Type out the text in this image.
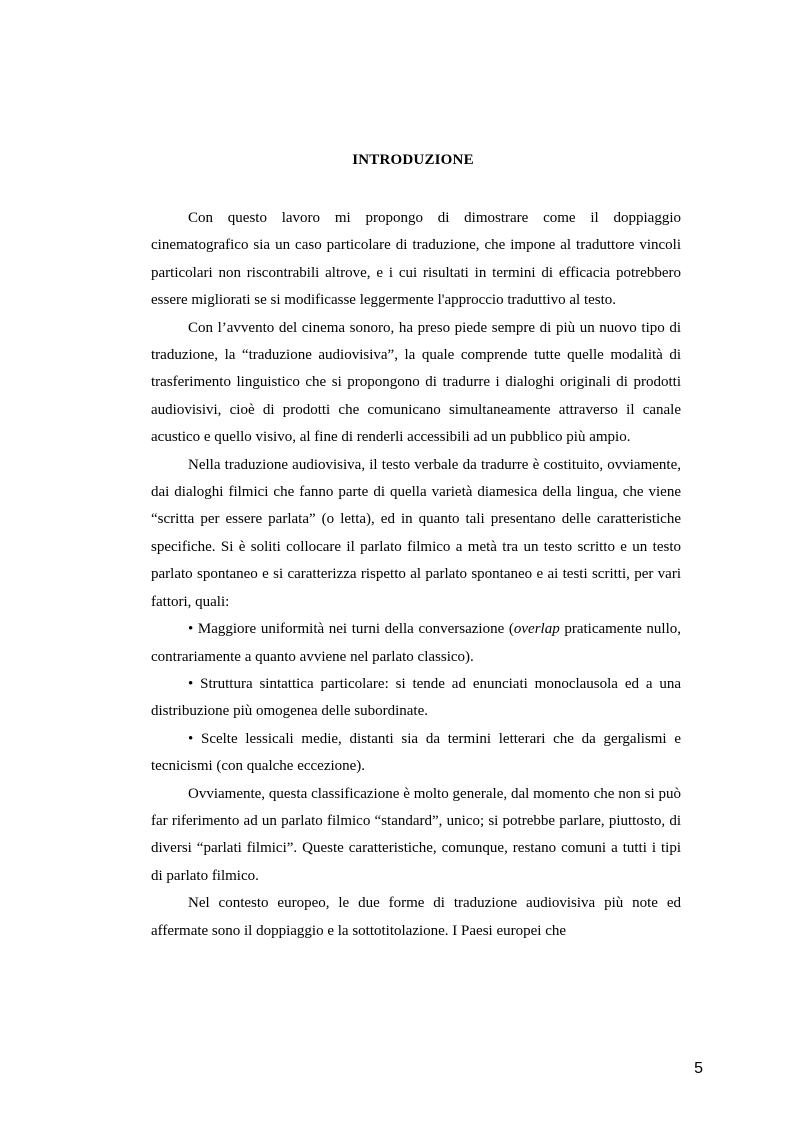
INTRODUZIONE

Con questo lavoro mi propongo di dimostrare come il doppiaggio cinematografico sia un caso particolare di traduzione, che impone al traduttore vincoli particolari non riscontrabili altrove, e i cui risultati in termini di efficacia potrebbero essere migliorati se si modificasse leggermente l'approccio traduttivo al testo.

Con l’avvento del cinema sonoro, ha preso piede sempre di più un nuovo tipo di traduzione, la “traduzione audiovisiva”, la quale comprende tutte quelle modalità di trasferimento linguistico che si propongono di tradurre i dialoghi originali di prodotti audiovisivi, cioè di prodotti che comunicano simultaneamente attraverso il canale acustico e quello visivo, al fine di renderli accessibili ad un pubblico più ampio.

Nella traduzione audiovisiva, il testo verbale da tradurre è costituito, ovviamente, dai dialoghi filmici che fanno parte di quella varietà diamesica della lingua, che viene “scritta per essere parlata” (o letta), ed in quanto tali presentano delle caratteristiche specifiche. Si è soliti collocare il parlato filmico a metà tra un testo scritto e un testo parlato spontaneo e si caratterizza rispetto al parlato spontaneo e ai testi scritti, per vari fattori, quali:

• Maggiore uniformità nei turni della conversazione (overlap praticamente nullo, contrariamente a quanto avviene nel parlato classico).

• Struttura sintattica particolare: si tende ad enunciati monoclausola ed a una distribuzione più omogenea delle subordinate.

• Scelte lessicali medie, distanti sia da termini letterari che da gergalismi e tecnicismi (con qualche eccezione).

Ovviamente, questa classificazione è molto generale, dal momento che non si può far riferimento ad un parlato filmico “standard”, unico; si potrebbe parlare, piuttosto, di diversi “parlati filmici”. Queste caratteristiche, comunque, restano comuni a tutti i tipi di parlato filmico.

Nel contesto europeo, le due forme di traduzione audiovisiva più note ed affermate sono il doppiaggio e la sottotitolazione. I Paesi europei che

5
